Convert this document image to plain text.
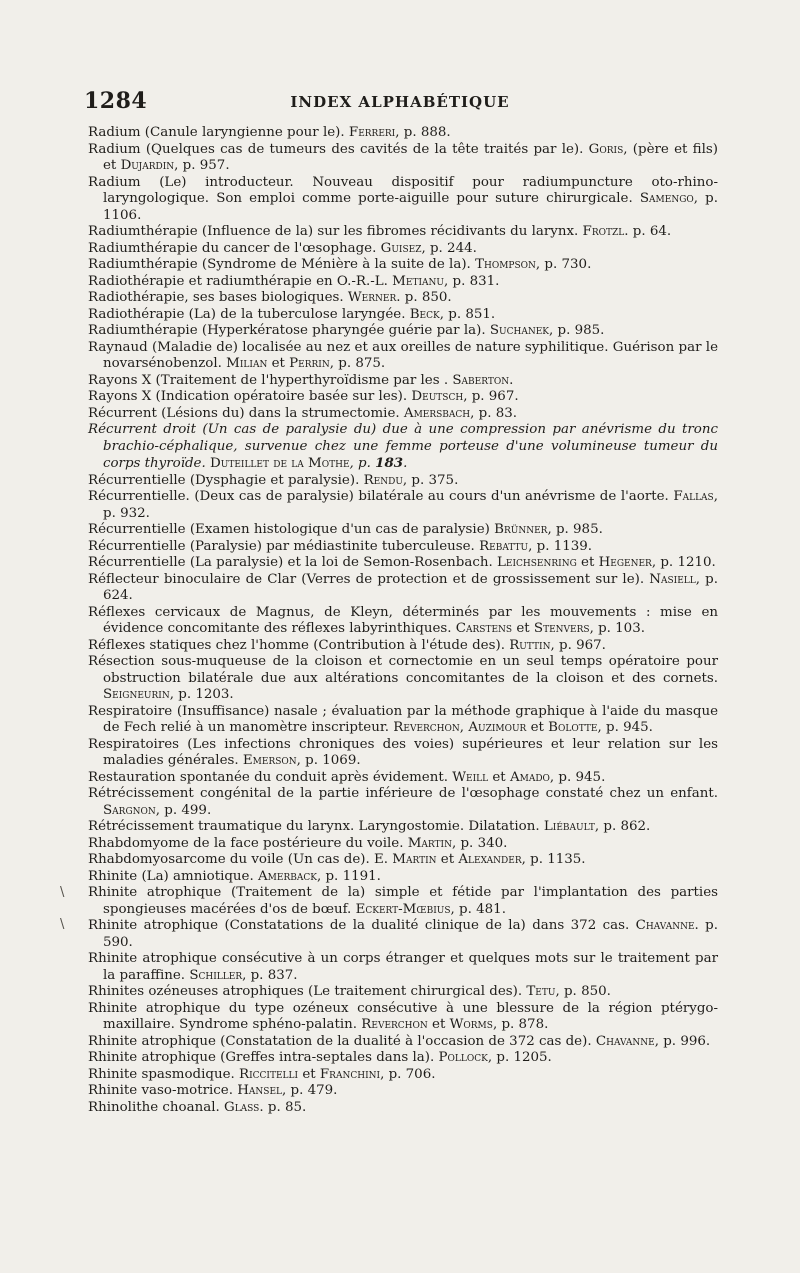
1284	INDEX ALPHABÉTIQUE
\
\
Radium (Canule laryngienne pour le). Ferreri, p. 888.
Radium (Quelques cas de tumeurs des cavités de la tête traités par le). Goris, (père et fils) et Dujardin, p. 957.
Radium (Le) introducteur. Nouveau dispositif pour radiumpuncture oto-rhino-laryngologique. Son emploi comme porte-aiguille pour suture chirurgicale. Samengo, p. 1106.
Radiumthérapie (Influence de la) sur les fibromes récidivants du larynx. Frotzl. p. 64.
Radiumthérapie du cancer de l'œsophage. Guisez, p. 244.
Radiumthérapie (Syndrome de Ménière à la suite de la). Thompson, p. 730.
Radiothérapie et radiumthérapie en O.-R.-L. Metianu, p. 831.
Radiothérapie, ses bases biologiques. Werner. p. 850.
Radiothérapie (La) de la tuberculose laryngée. Beck, p. 851.
Radiumthérapie (Hyperkératose pharyngée guérie par la). Suchanek, p. 985.
Raynaud (Maladie de) localisée au nez et aux oreilles de nature syphilitique. Guérison par le novarsénobenzol. Milian et Perrin, p. 875.
Rayons X (Traitement de l'hyperthyroïdisme par les . Saberton.
Rayons X (Indication opératoire basée sur les). Deutsch, p. 967.
Récurrent (Lésions du) dans la strumectomie. Amersbach, p. 83.
Récurrent droit (Un cas de paralysie du) due à une compression par anévrisme du tronc brachio-céphalique, survenue chez une femme porteuse d'une volumineuse tumeur du corps thyroïde. Duteillet de la Mothe, p. 183.
Récurrentielle (Dysphagie et paralysie). Rendu, p. 375.
Récurrentielle. (Deux cas de paralysie) bilatérale au cours d'un anévrisme de l'aorte. Fallas, p. 932.
Récurrentielle (Examen histologique d'un cas de paralysie) Brünner, p. 985.
Récurrentielle (Paralysie) par médiastinite tuberculeuse. Rebattu, p. 1139.
Récurrentielle (La paralysie) et la loi de Semon-Rosenbach. Leichsenring et Hegener, p. 1210.
Réflecteur binoculaire de Clar (Verres de protection et de grossissement sur le). Nasiell, p. 624.
Réflexes cervicaux de Magnus, de Kleyn, déterminés par les mouvements : mise en évidence concomitante des réflexes labyrinthiques. Carstens et Stenvers, p. 103.
Réflexes statiques chez l'homme (Contribution à l'étude des). Ruttin, p. 967.
Résection sous-muqueuse de la cloison et cornectomie en un seul temps opératoire pour obstruction bilatérale due aux altérations concomitantes de la cloison et des cornets. Seigneurin, p. 1203.
Respiratoire (Insuffisance) nasale ; évaluation par la méthode graphique à l'aide du masque de Fech relié à un manomètre inscripteur. Reverchon, Auzimour et Bolotte, p. 945.
Respiratoires (Les infections chroniques des voies) supérieures et leur relation sur les maladies générales. Emerson, p. 1069.
Restauration spontanée du conduit après évidement. Weill et Amado, p. 945.
Rétrécissement congénital de la partie inférieure de l'œsophage constaté chez un enfant. Sargnon, p. 499.
Rétrécissement traumatique du larynx. Laryngostomie. Dilatation. Liébault, p. 862.
Rhabdomyome de la face postérieure du voile. Martin, p. 340.
Rhabdomyosarcome du voile (Un cas de). E. Martin et Alexander, p. 1135.
Rhinite (La) amniotique. Amerback, p. 1191.
Rhinite atrophique (Traitement de la) simple et fétide par l'implantation des parties spongieuses macérées d'os de bœuf. Eckert-Mœbius, p. 481.
Rhinite atrophique (Constatations de la dualité clinique de la) dans 372 cas. Chavanne. p. 590.
Rhinite atrophique consécutive à un corps étranger et quelques mots sur le traitement par la paraffine. Schiller, p. 837.
Rhinites ozéneuses atrophiques (Le traitement chirurgical des). Tetu, p. 850.
Rhinite atrophique du type ozéneux consécutive à une blessure de la région ptérygo-maxillaire. Syndrome sphéno-palatin. Reverchon et Worms, p. 878.
Rhinite atrophique (Constatation de la dualité à l'occasion de 372 cas de). Chavanne, p. 996.
Rhinite atrophique (Greffes intra-septales dans la). Pollock, p. 1205.
Rhinite spasmodique. Riccitelli et Franchini, p. 706.
Rhinite vaso-motrice. Hansel, p. 479.
Rhinolithe choanal. Glass. p. 85.
